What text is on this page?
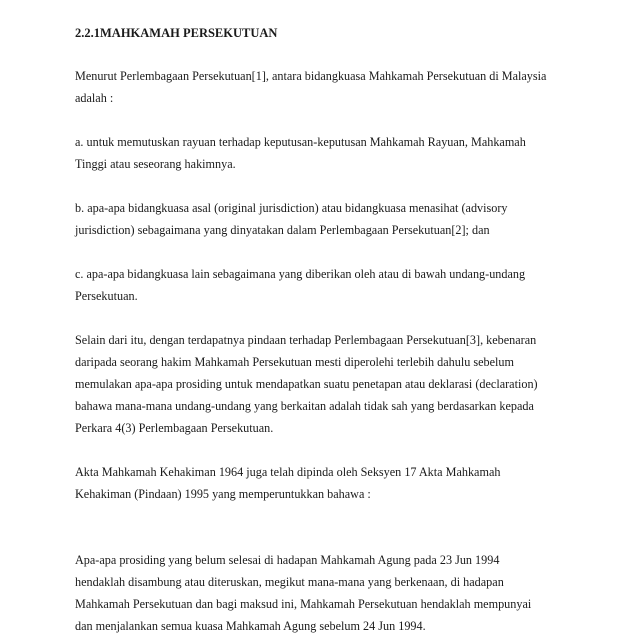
2.2.1MAHKAMAH PERSEKUTUAN

Menurut Perlembagaan Persekutuan[1], antara bidangkuasa Mahkamah Persekutuan di Malaysia
adalah :

a. untuk memutuskan rayuan terhadap keputusan-keputusan Mahkamah Rayuan, Mahkamah
Tinggi atau seseorang hakimnya.

b. apa-apa bidangkuasa asal (original jurisdiction) atau bidangkuasa menasihat (advisory
jurisdiction) sebagaimana yang dinyatakan dalam Perlembagaan Persekutuan[2]; dan

c. apa-apa bidangkuasa lain sebagaimana yang diberikan oleh atau di bawah undang-undang
Persekutuan.

Selain dari itu, dengan terdapatnya pindaan terhadap Perlembagaan Persekutuan[3], kebenaran
daripada seorang hakim Mahkamah Persekutuan mesti diperolehi terlebih dahulu sebelum
memulakan apa-apa prosiding untuk mendapatkan suatu penetapan atau deklarasi (declaration)
bahawa mana-mana undang-undang yang berkaitan adalah tidak sah yang berdasarkan kepada
Perkara 4(3) Perlembagaan Persekutuan.

Akta Mahkamah Kehakiman 1964 juga telah dipinda oleh Seksyen 17 Akta Mahkamah
Kehakiman (Pindaan) 1995 yang memperuntukkan bahawa :

Apa-apa prosiding yang belum selesai di hadapan Mahkamah Agung pada 23 Jun 1994
hendaklah disambung atau diteruskan, megikut mana-mana yang berkenaan, di hadapan
Mahkamah Persekutuan dan bagi maksud ini, Mahkamah Persekutuan hendaklah mempunyai
dan menjalankan semua kuasa Mahkamah Agung sebelum 24 Jun 1994.
